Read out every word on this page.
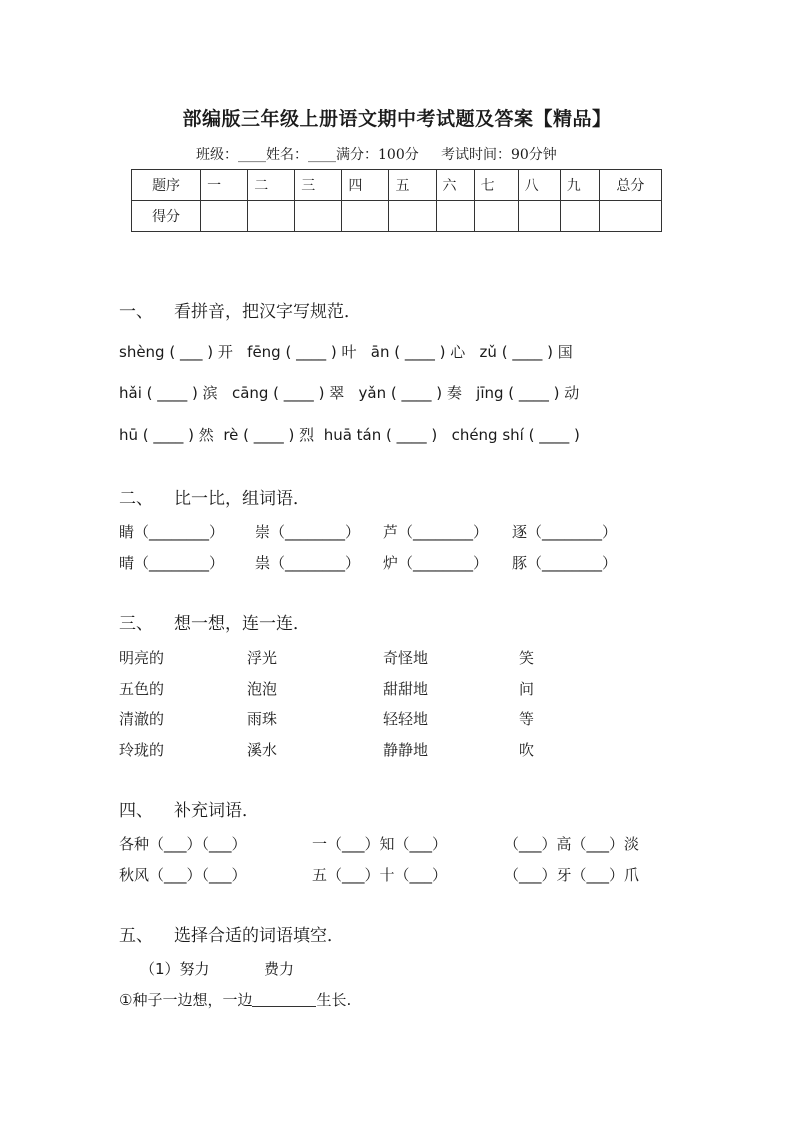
部编版三年级上册语文期中考试题及答案【精品】
班级：____姓名：____满分：100分     考试时间：90分钟
题序	一	二	三	四	五	六	七	八	九	总分
得分										
一、 看拼音，把汉字写规范．
shèng ( ___ ) 开   fēng ( ____ ) 叶   ān ( ____ ) 心   zǔ ( ____ ) 国
hǎi ( ____ ) 滨   cāng ( ____ ) 翠   yǎn ( ____ ) 奏   jīng ( ____ ) 动
hū ( ____ ) 然  rè ( ____ ) 烈  huā tán ( ____ )   chéng shí ( ____ )
二、 比一比，组词语．
睛（________） 崇（________） 芦（________） 逐（________）
晴（________） 祟（________） 炉（________） 豚（________）
三、 想一想，连一连．
明亮的	浮光	奇怪地	笑
五色的	泡泡	甜甜地	问
清澈的	雨珠	轻轻地	等
玲珑的	溪水	静静地	吹
四、 补充词语．
各种（___）（___）	一（___）知（___）	（___）高（___）淡
秋风（___）（___）	五（___）十（___）	（___）牙（___）爪
五、 选择合适的词语填空．
（1）努力	费力
①种子一边想，一边	生长.
